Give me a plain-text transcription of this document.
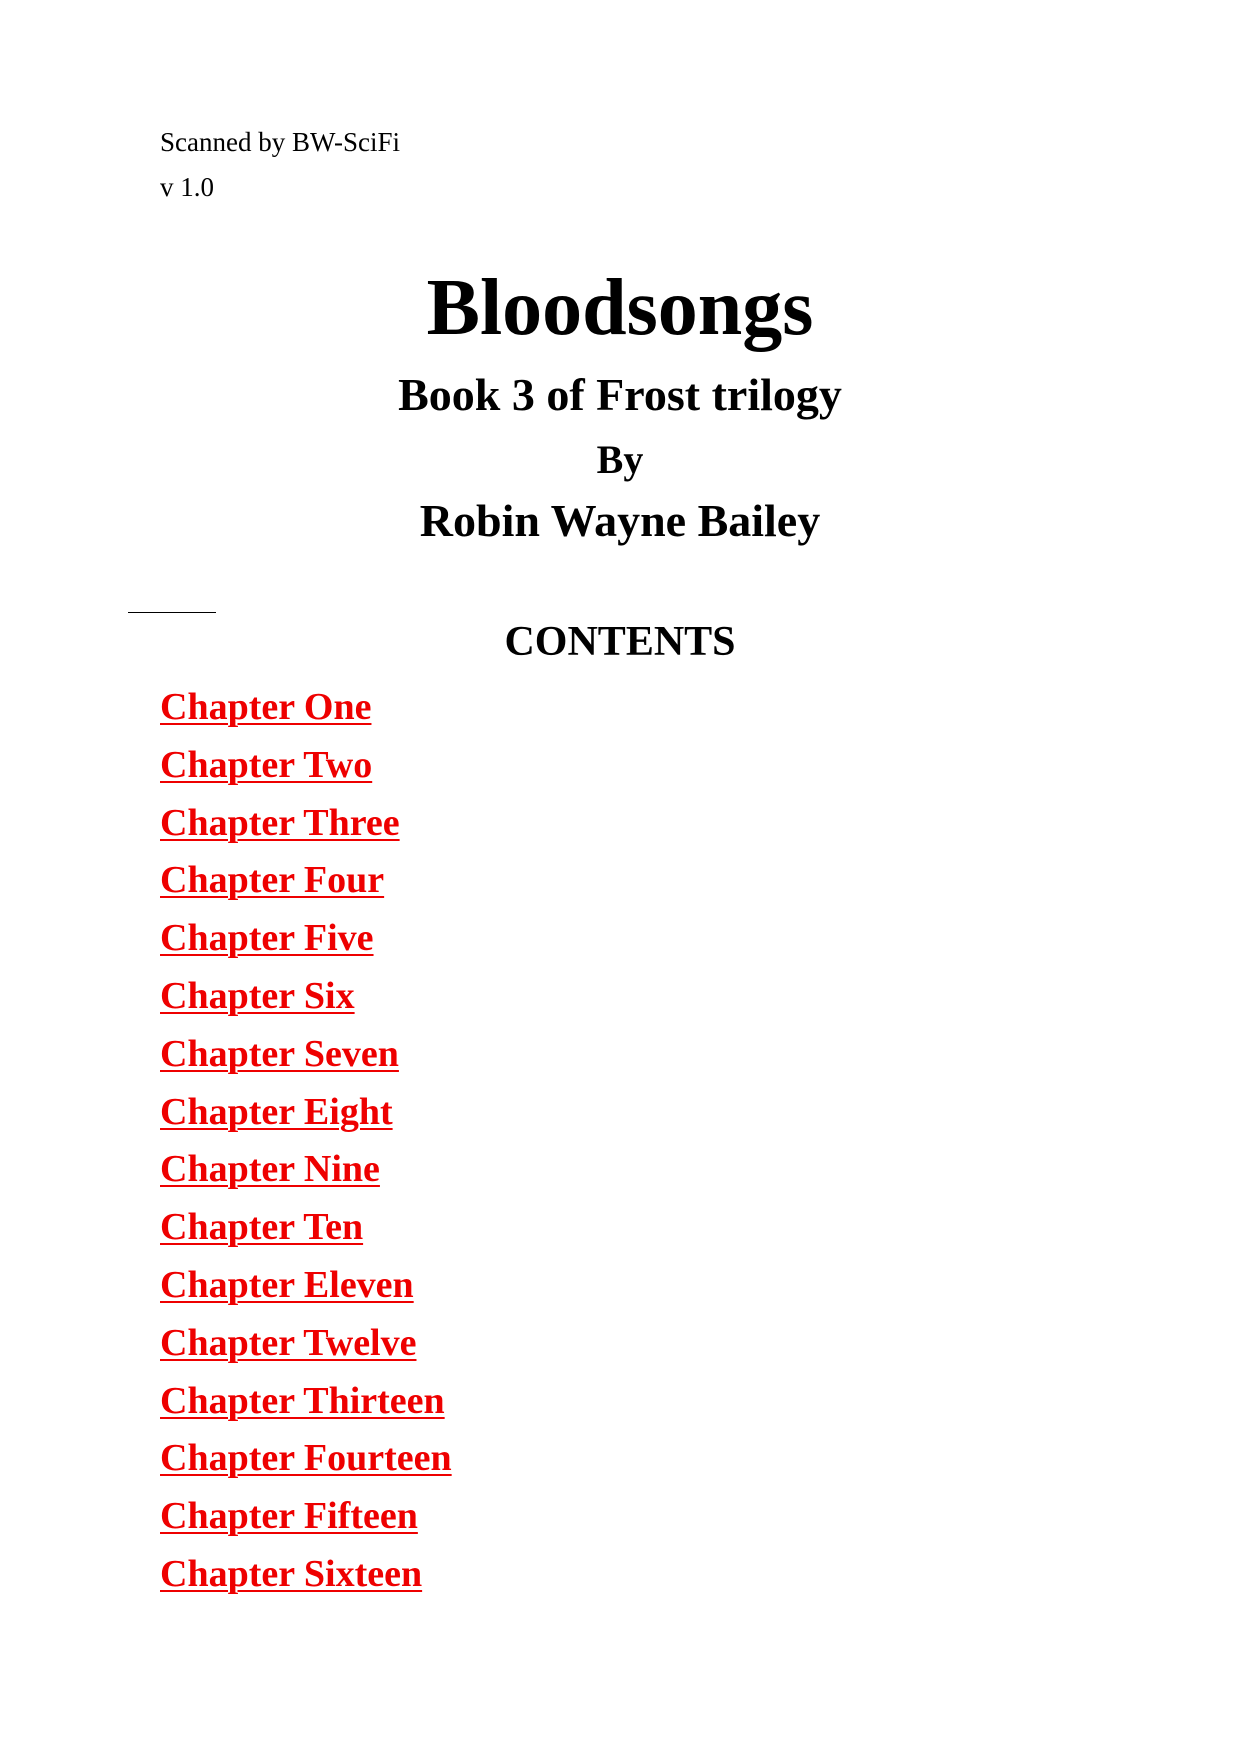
Scanned by BW-SciFi
v 1.0
Bloodsongs
Book 3 of Frost trilogy
By
Robin Wayne Bailey
CONTENTS
Chapter One
Chapter Two
Chapter Three
Chapter Four
Chapter Five
Chapter Six
Chapter Seven
Chapter Eight
Chapter Nine
Chapter Ten
Chapter Eleven
Chapter Twelve
Chapter Thirteen
Chapter Fourteen
Chapter Fifteen
Chapter Sixteen
